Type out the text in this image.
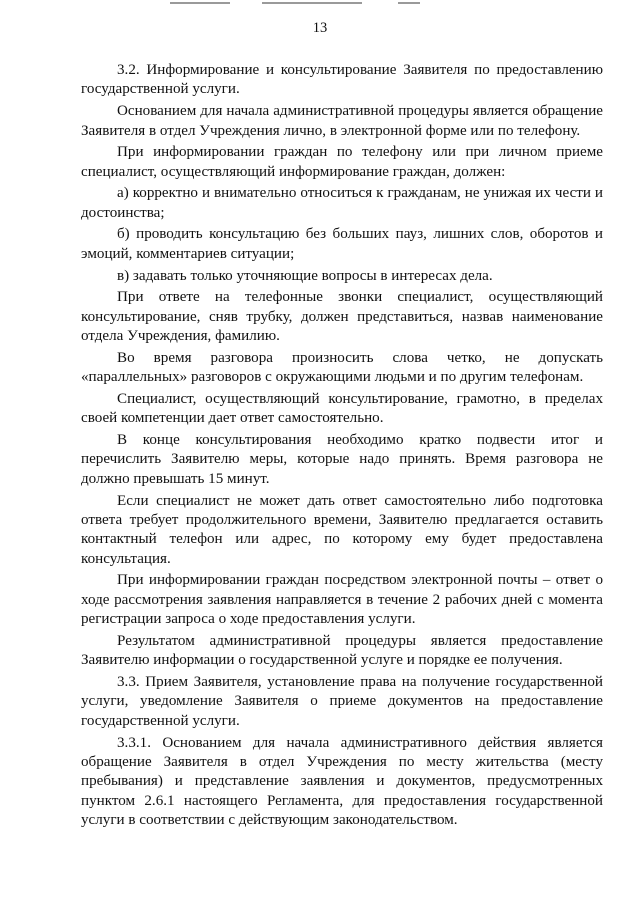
13

3.2. Информирование и консультирование Заявителя по предоставлению государственной услуги.

Основанием для начала административной процедуры является обращение Заявителя в отдел Учреждения лично, в электронной форме или по телефону.

При информировании граждан по телефону или при личном приеме специалист, осуществляющий информирование граждан, должен:

а) корректно и внимательно относиться к гражданам, не унижая их чести и достоинства;

б) проводить консультацию без больших пауз, лишних слов, оборотов и эмоций, комментариев ситуации;

в) задавать только уточняющие вопросы в интересах дела.

При ответе на телефонные звонки специалист, осуществляющий консультирование, сняв трубку, должен представиться, назвав наименование отдела Учреждения, фамилию.

Во время разговора произносить слова четко, не допускать «параллельных» разговоров с окружающими людьми и по другим телефонам.

Специалист, осуществляющий консультирование, грамотно, в пределах своей компетенции дает ответ самостоятельно.

В конце консультирования необходимо кратко подвести итог и перечислить Заявителю меры, которые надо принять. Время разговора не должно превышать 15 минут.

Если специалист не может дать ответ самостоятельно либо подготовка ответа требует продолжительного времени, Заявителю предлагается оставить контактный телефон или адрес, по которому ему будет предоставлена консультация.

При информировании граждан посредством электронной почты – ответ о ходе рассмотрения заявления направляется в течение 2 рабочих дней с момента регистрации запроса о ходе предоставления услуги.

Результатом административной процедуры является предоставление Заявителю информации о государственной услуге и порядке ее получения.

3.3. Прием Заявителя, установление права на получение государственной услуги, уведомление Заявителя о приеме документов на предоставление государственной услуги.

3.3.1. Основанием для начала административного действия является обращение Заявителя в отдел Учреждения по месту жительства (месту пребывания) и представление заявления и документов, предусмотренных пунктом 2.6.1 настоящего Регламента, для предоставления государственной услуги в соответствии с действующим законодательством.
